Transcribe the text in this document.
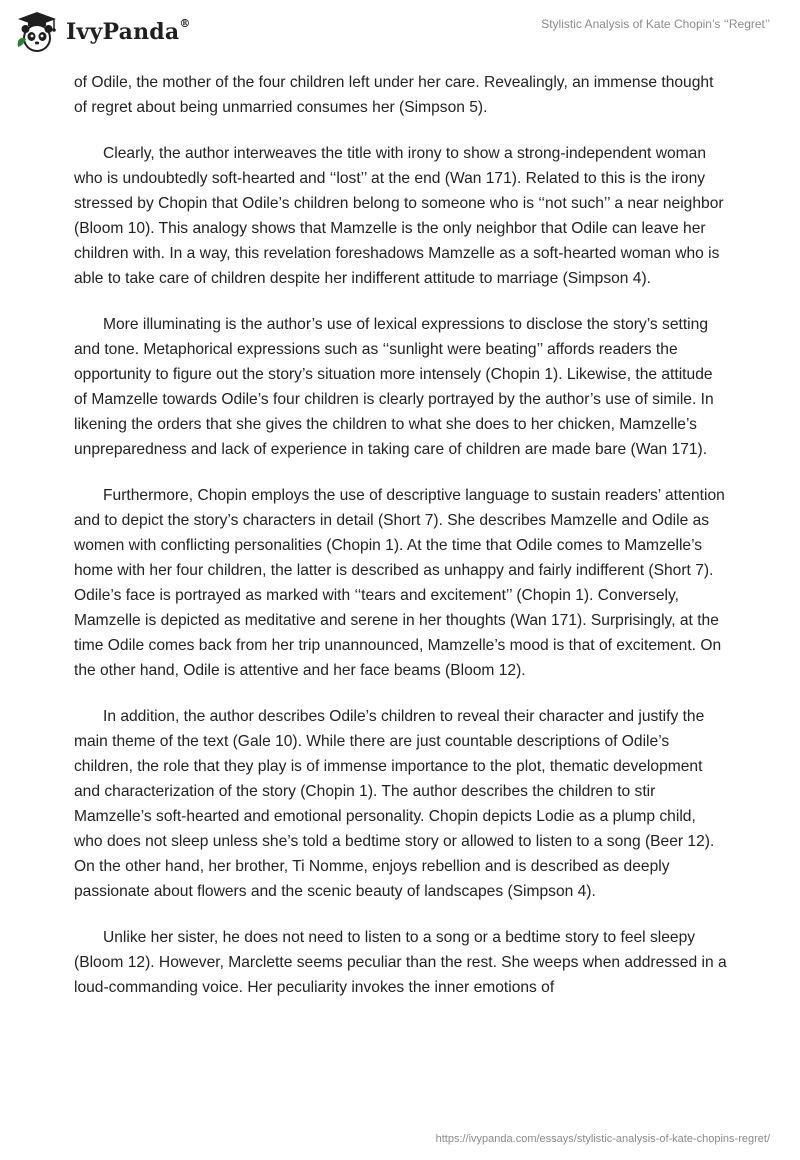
IvyPanda®	Stylistic Analysis of Kate Chopin’s ‘‘Regret’’

of Odile, the mother of the four children left under her care. Revealingly, an immense thought of regret about being unmarried consumes her (Simpson 5).

Clearly, the author interweaves the title with irony to show a strong-independent woman who is undoubtedly soft-hearted and ‘‘lost’’ at the end (Wan 171). Related to this is the irony stressed by Chopin that Odile’s children belong to someone who is ‘‘not such’’ a near neighbor (Bloom 10). This analogy shows that Mamzelle is the only neighbor that Odile can leave her children with. In a way, this revelation foreshadows Mamzelle as a soft-hearted woman who is able to take care of children despite her indifferent attitude to marriage (Simpson 4).

More illuminating is the author’s use of lexical expressions to disclose the story’s setting and tone. Metaphorical expressions such as ‘‘sunlight were beating’’ affords readers the opportunity to figure out the story’s situation more intensely (Chopin 1). Likewise, the attitude of Mamzelle towards Odile’s four children is clearly portrayed by the author’s use of simile. In likening the orders that she gives the children to what she does to her chicken, Mamzelle’s unpreparedness and lack of experience in taking care of children are made bare (Wan 171).

Furthermore, Chopin employs the use of descriptive language to sustain readers’ attention and to depict the story’s characters in detail (Short 7). She describes Mamzelle and Odile as women with conflicting personalities (Chopin 1). At the time that Odile comes to Mamzelle’s home with her four children, the latter is described as unhappy and fairly indifferent (Short 7). Odile’s face is portrayed as marked with ‘‘tears and excitement’’ (Chopin 1). Conversely, Mamzelle is depicted as meditative and serene in her thoughts (Wan 171). Surprisingly, at the time Odile comes back from her trip unannounced, Mamzelle’s mood is that of excitement. On the other hand, Odile is attentive and her face beams (Bloom 12).

In addition, the author describes Odile’s children to reveal their character and justify the main theme of the text (Gale 10). While there are just countable descriptions of Odile’s children, the role that they play is of immense importance to the plot, thematic development and characterization of the story (Chopin 1). The author describes the children to stir Mamzelle’s soft-hearted and emotional personality. Chopin depicts Lodie as a plump child, who does not sleep unless she’s told a bedtime story or allowed to listen to a song (Beer 12). On the other hand, her brother, Ti Nomme, enjoys rebellion and is described as deeply passionate about flowers and the scenic beauty of landscapes (Simpson 4).

Unlike her sister, he does not need to listen to a song or a bedtime story to feel sleepy (Bloom 12). However, Marclette seems peculiar than the rest. She weeps when addressed in a loud-commanding voice. Her peculiarity invokes the inner emotions of

https://ivypanda.com/essays/stylistic-analysis-of-kate-chopins-regret/
